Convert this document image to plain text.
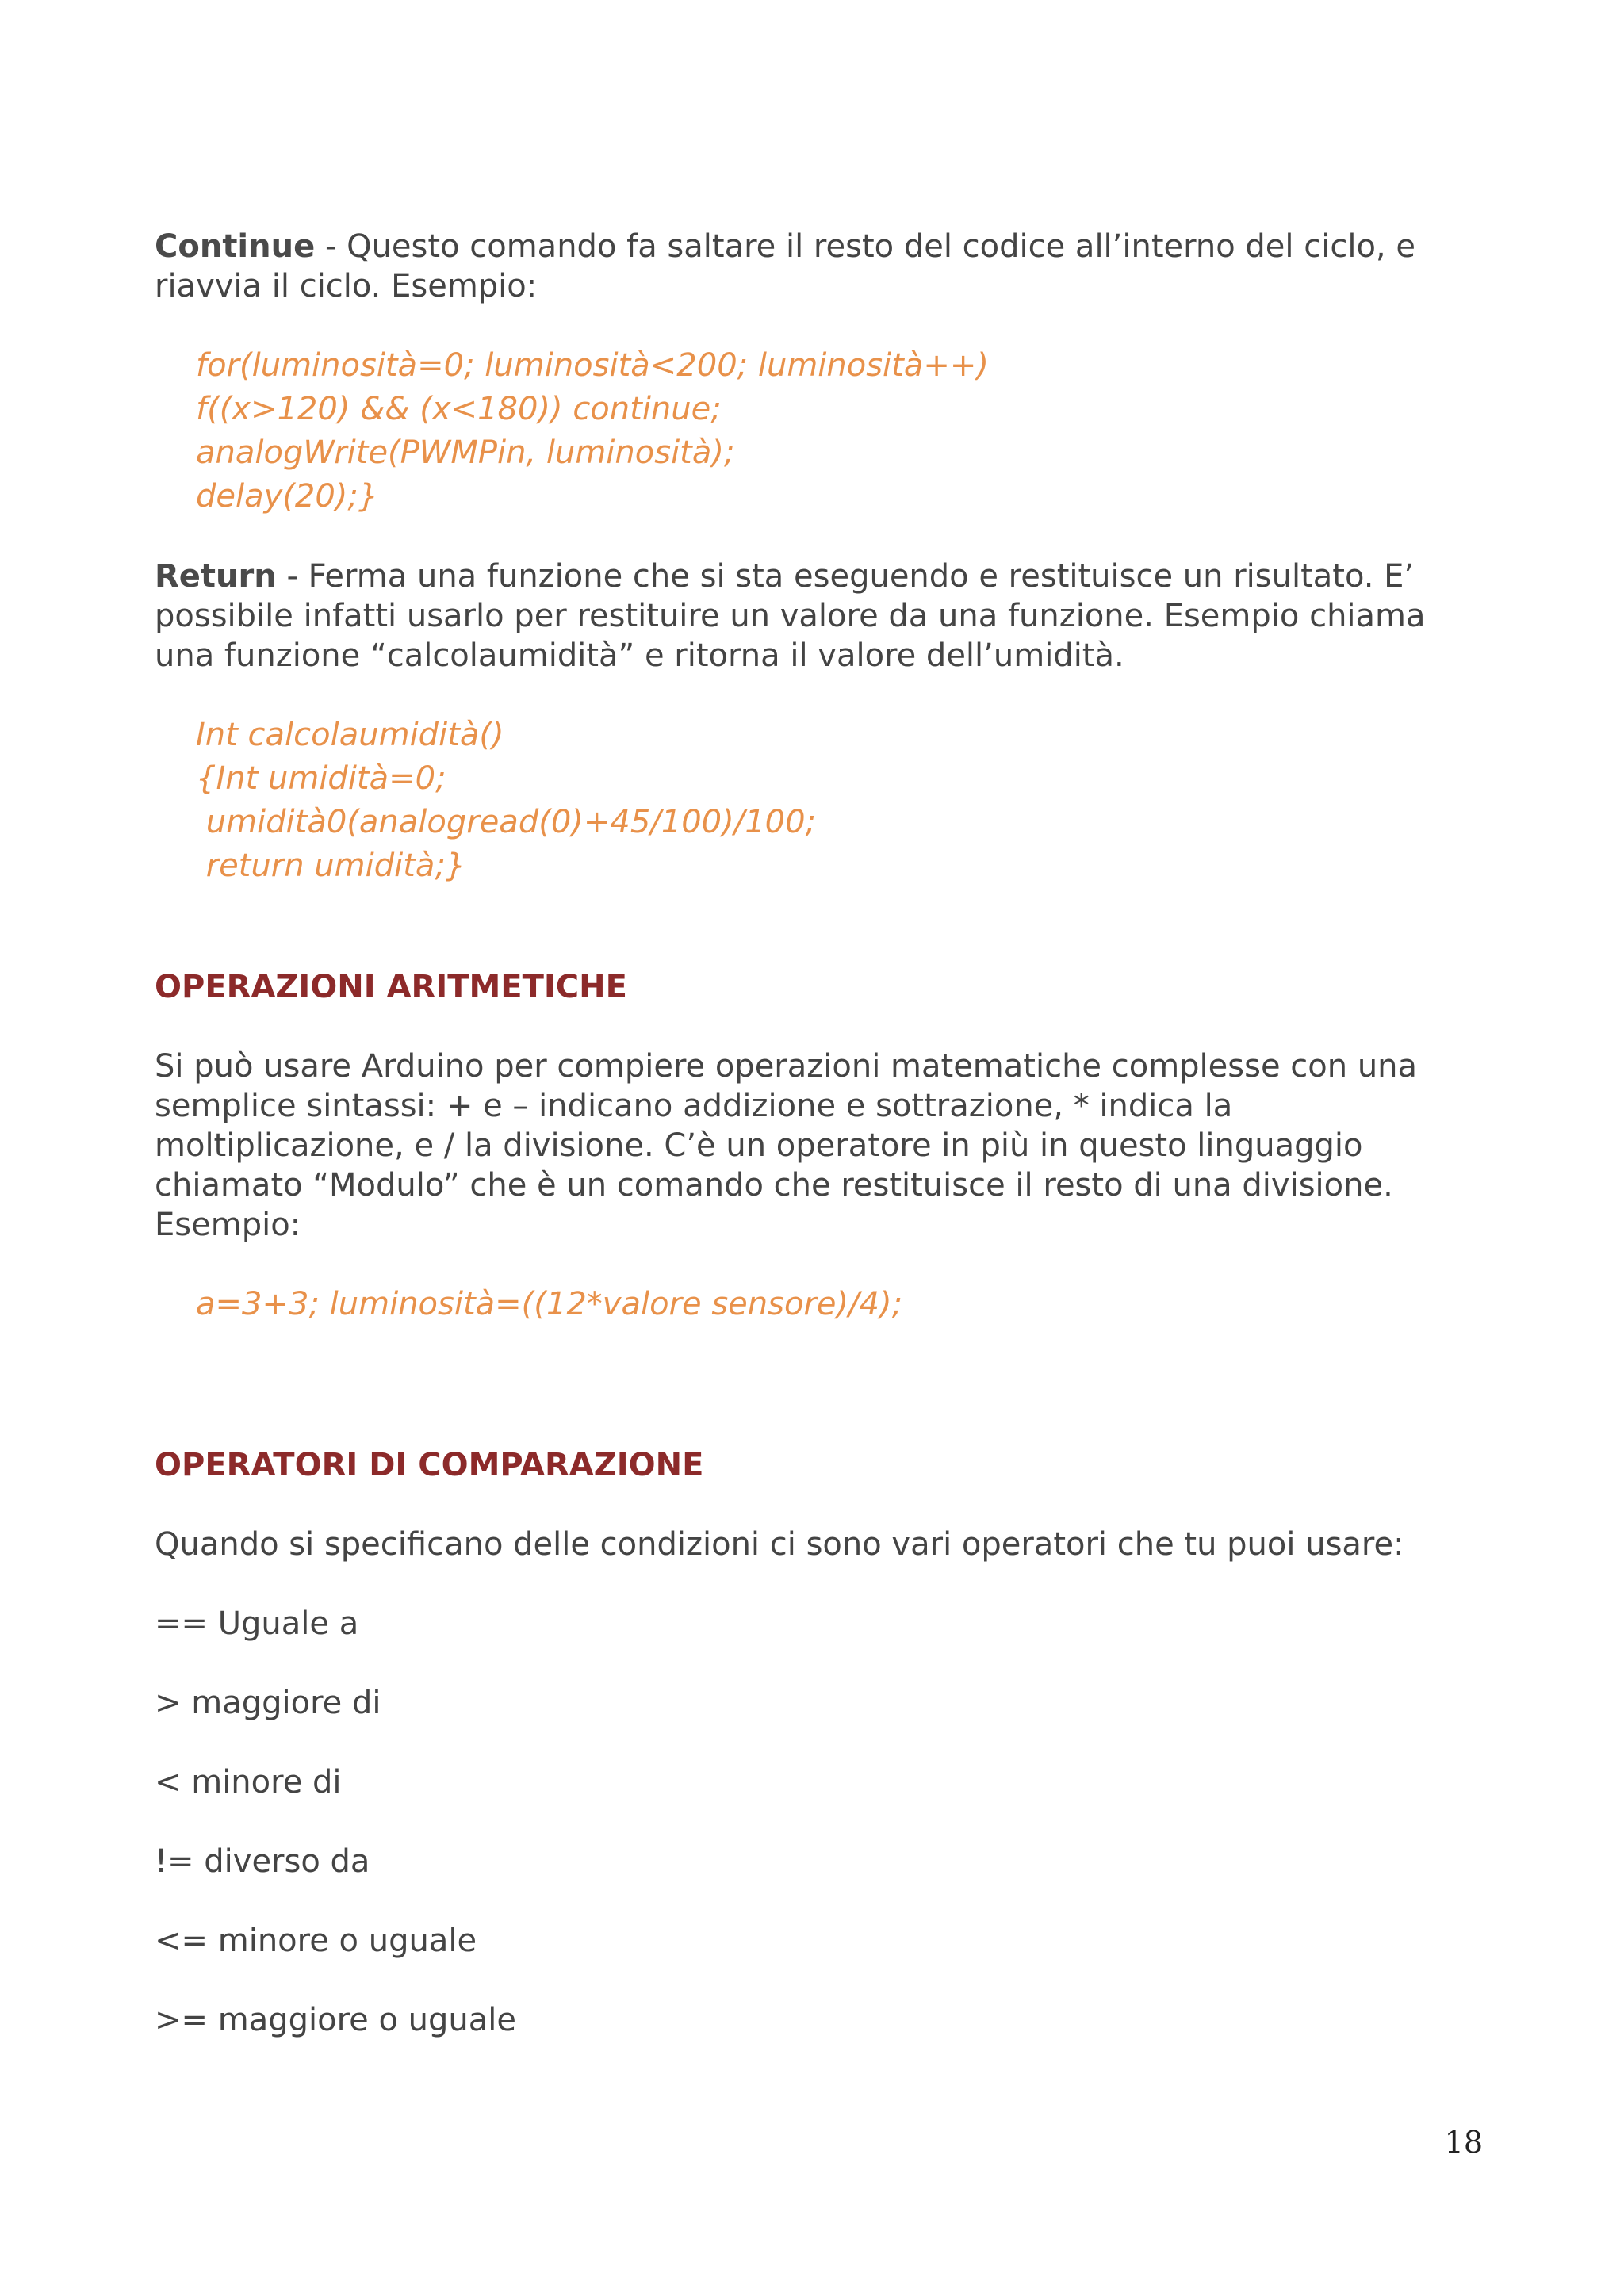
Continue - Questo comando fa saltare il resto del codice all’interno del ciclo, e riavvia il ciclo. Esempio:

for(luminosità=0; luminosità<200; luminosità++)
f((x>120) && (x<180)) continue;
analogWrite(PWMPin, luminosità);
delay(20);}

Return - Ferma una funzione che si sta eseguendo e restituisce un risultato. E’ possibile infatti usarlo per restituire un valore da una funzione. Esempio chiama una funzione “calcolaumidità” e ritorna il valore dell’umidità.

Int calcolaumidità()
{Int umidità=0;
umidità0(analogread(0)+45/100)/100;
return umidità;}
OPERAZIONI ARITMETICHE

Si può usare Arduino per compiere operazioni matematiche complesse con una semplice sintassi: + e – indicano addizione e sottrazione, * indica la moltiplicazione, e / la divisione. C’è un operatore in più in questo linguaggio chiamato “Modulo” che è un comando che restituisce il resto di una divisione. Esempio:

a=3+3; luminosità=((12*valore sensore)/4);
OPERATORI DI COMPARAZIONE

Quando si specificano delle condizioni ci sono vari operatori che tu puoi usare:

== Uguale a

> maggiore di

< minore di

!= diverso da

<= minore o uguale

>= maggiore o uguale

18
